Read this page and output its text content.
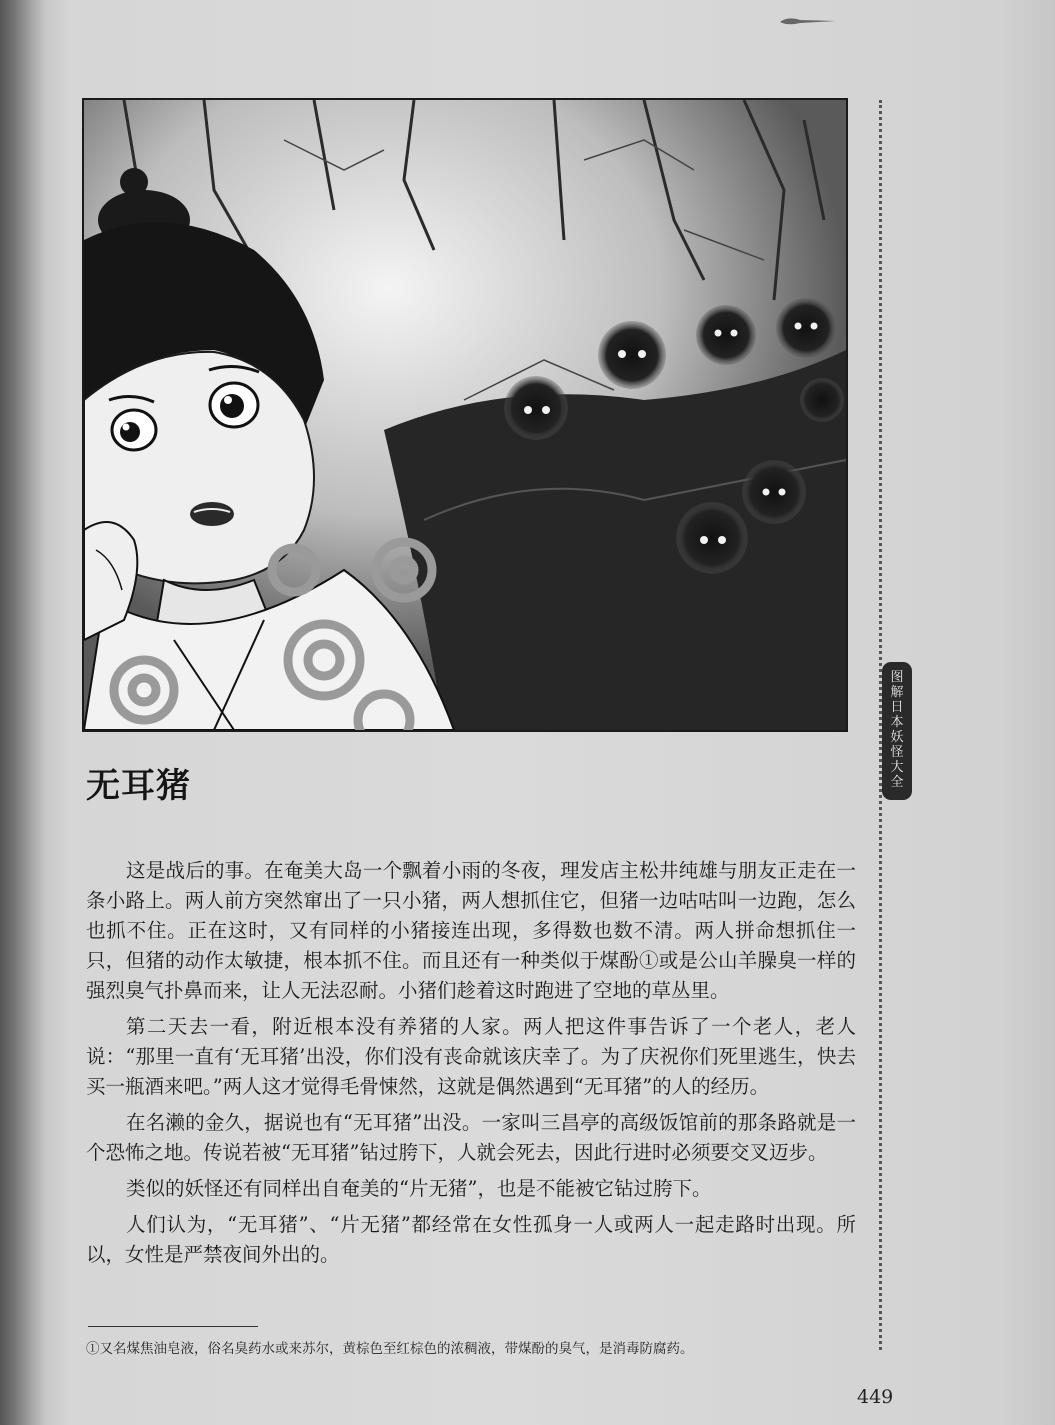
图
解
日
本
妖
怪
大
全
无耳猪

这是战后的事。在奄美大岛一个飘着小雨的冬夜，理发店主松井纯雄与朋友正走在一条小路上。两人前方突然窜出了一只小猪，两人想抓住它，但猪一边咕咕叫一边跑，怎么也抓不住。正在这时，又有同样的小猪接连出现，多得数也数不清。两人拼命想抓住一只，但猪的动作太敏捷，根本抓不住。而且还有一种类似于煤酚①或是公山羊臊臭一样的强烈臭气扑鼻而来，让人无法忍耐。小猪们趁着这时跑进了空地的草丛里。

第二天去一看，附近根本没有养猪的人家。两人把这件事告诉了一个老人，老人说：“那里一直有‘无耳猪’出没，你们没有丧命就该庆幸了。为了庆祝你们死里逃生，快去买一瓶酒来吧。”两人这才觉得毛骨悚然，这就是偶然遇到“无耳猪”的人的经历。

在名濑的金久，据说也有“无耳猪”出没。一家叫三昌亭的高级饭馆前的那条路就是一个恐怖之地。传说若被“无耳猪”钻过胯下，人就会死去，因此行进时必须要交叉迈步。

类似的妖怪还有同样出自奄美的“片无猪”，也是不能被它钻过胯下。

人们认为，“无耳猪”、“片无猪”都经常在女性孤身一人或两人一起走路时出现。所以，女性是严禁夜间外出的。

①又名煤焦油皂液，俗名臭药水或来苏尔，黄棕色至红棕色的浓稠液，带煤酚的臭气，是消毒防腐药。
449
